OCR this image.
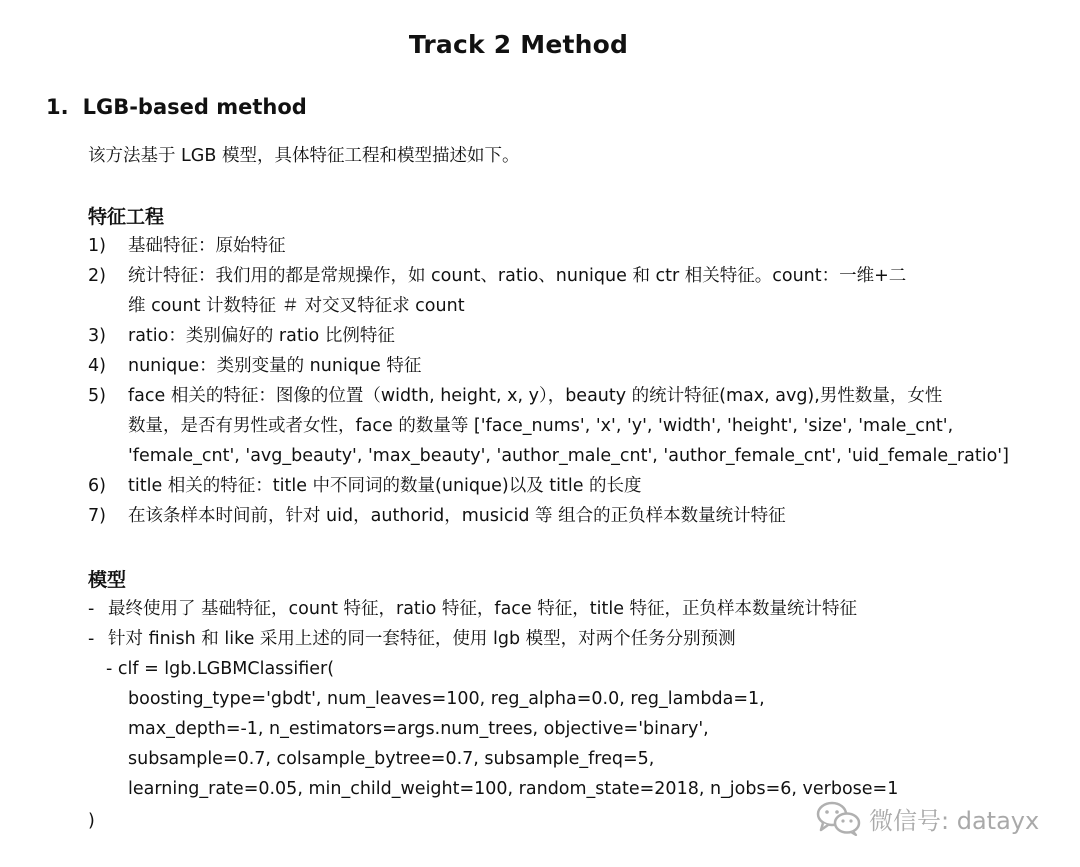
Track 2 Method
1. LGB-based method
该方法基于 LGB 模型，具体特征工程和模型描述如下。
特征工程
1)	基础特征：原始特征
2)	统计特征：我们用的都是常规操作，如 count、ratio、nunique 和 ctr 相关特征。count：一维+二
维 count 计数特征 ＃ 对交叉特征求 count
3)	ratio：类别偏好的 ratio 比例特征
4)	nunique：类别变量的 nunique 特征
5)	face 相关的特征：图像的位置（width, height, x, y），beauty 的统计特征(max, avg),男性数量，女性
数量，是否有男性或者女性，face 的数量等 ['face_nums', 'x', 'y', 'width', 'height', 'size', 'male_cnt',
'female_cnt', 'avg_beauty', 'max_beauty', 'author_male_cnt', 'author_female_cnt', 'uid_female_ratio']
6)	title 相关的特征：title 中不同词的数量(unique)以及 title 的长度
7)	在该条样本时间前，针对 uid，authorid，musicid 等 组合的正负样本数量统计特征
模型
- 最终使用了 基础特征，count 特征，ratio 特征，face 特征，title 特征，正负样本数量统计特征
- 针对 finish 和 like 采用上述的同一套特征，使用 lgb 模型，对两个任务分别预测
- clf = lgb.LGBMClassifier(
boosting_type='gbdt', num_leaves=100, reg_alpha=0.0, reg_lambda=1,
max_depth=-1, n_estimators=args.num_trees, objective='binary',
subsample=0.7, colsample_bytree=0.7, subsample_freq=5,
learning_rate=0.05, min_child_weight=100, random_state=2018, n_jobs=6, verbose=1
)	微信号: datayx
